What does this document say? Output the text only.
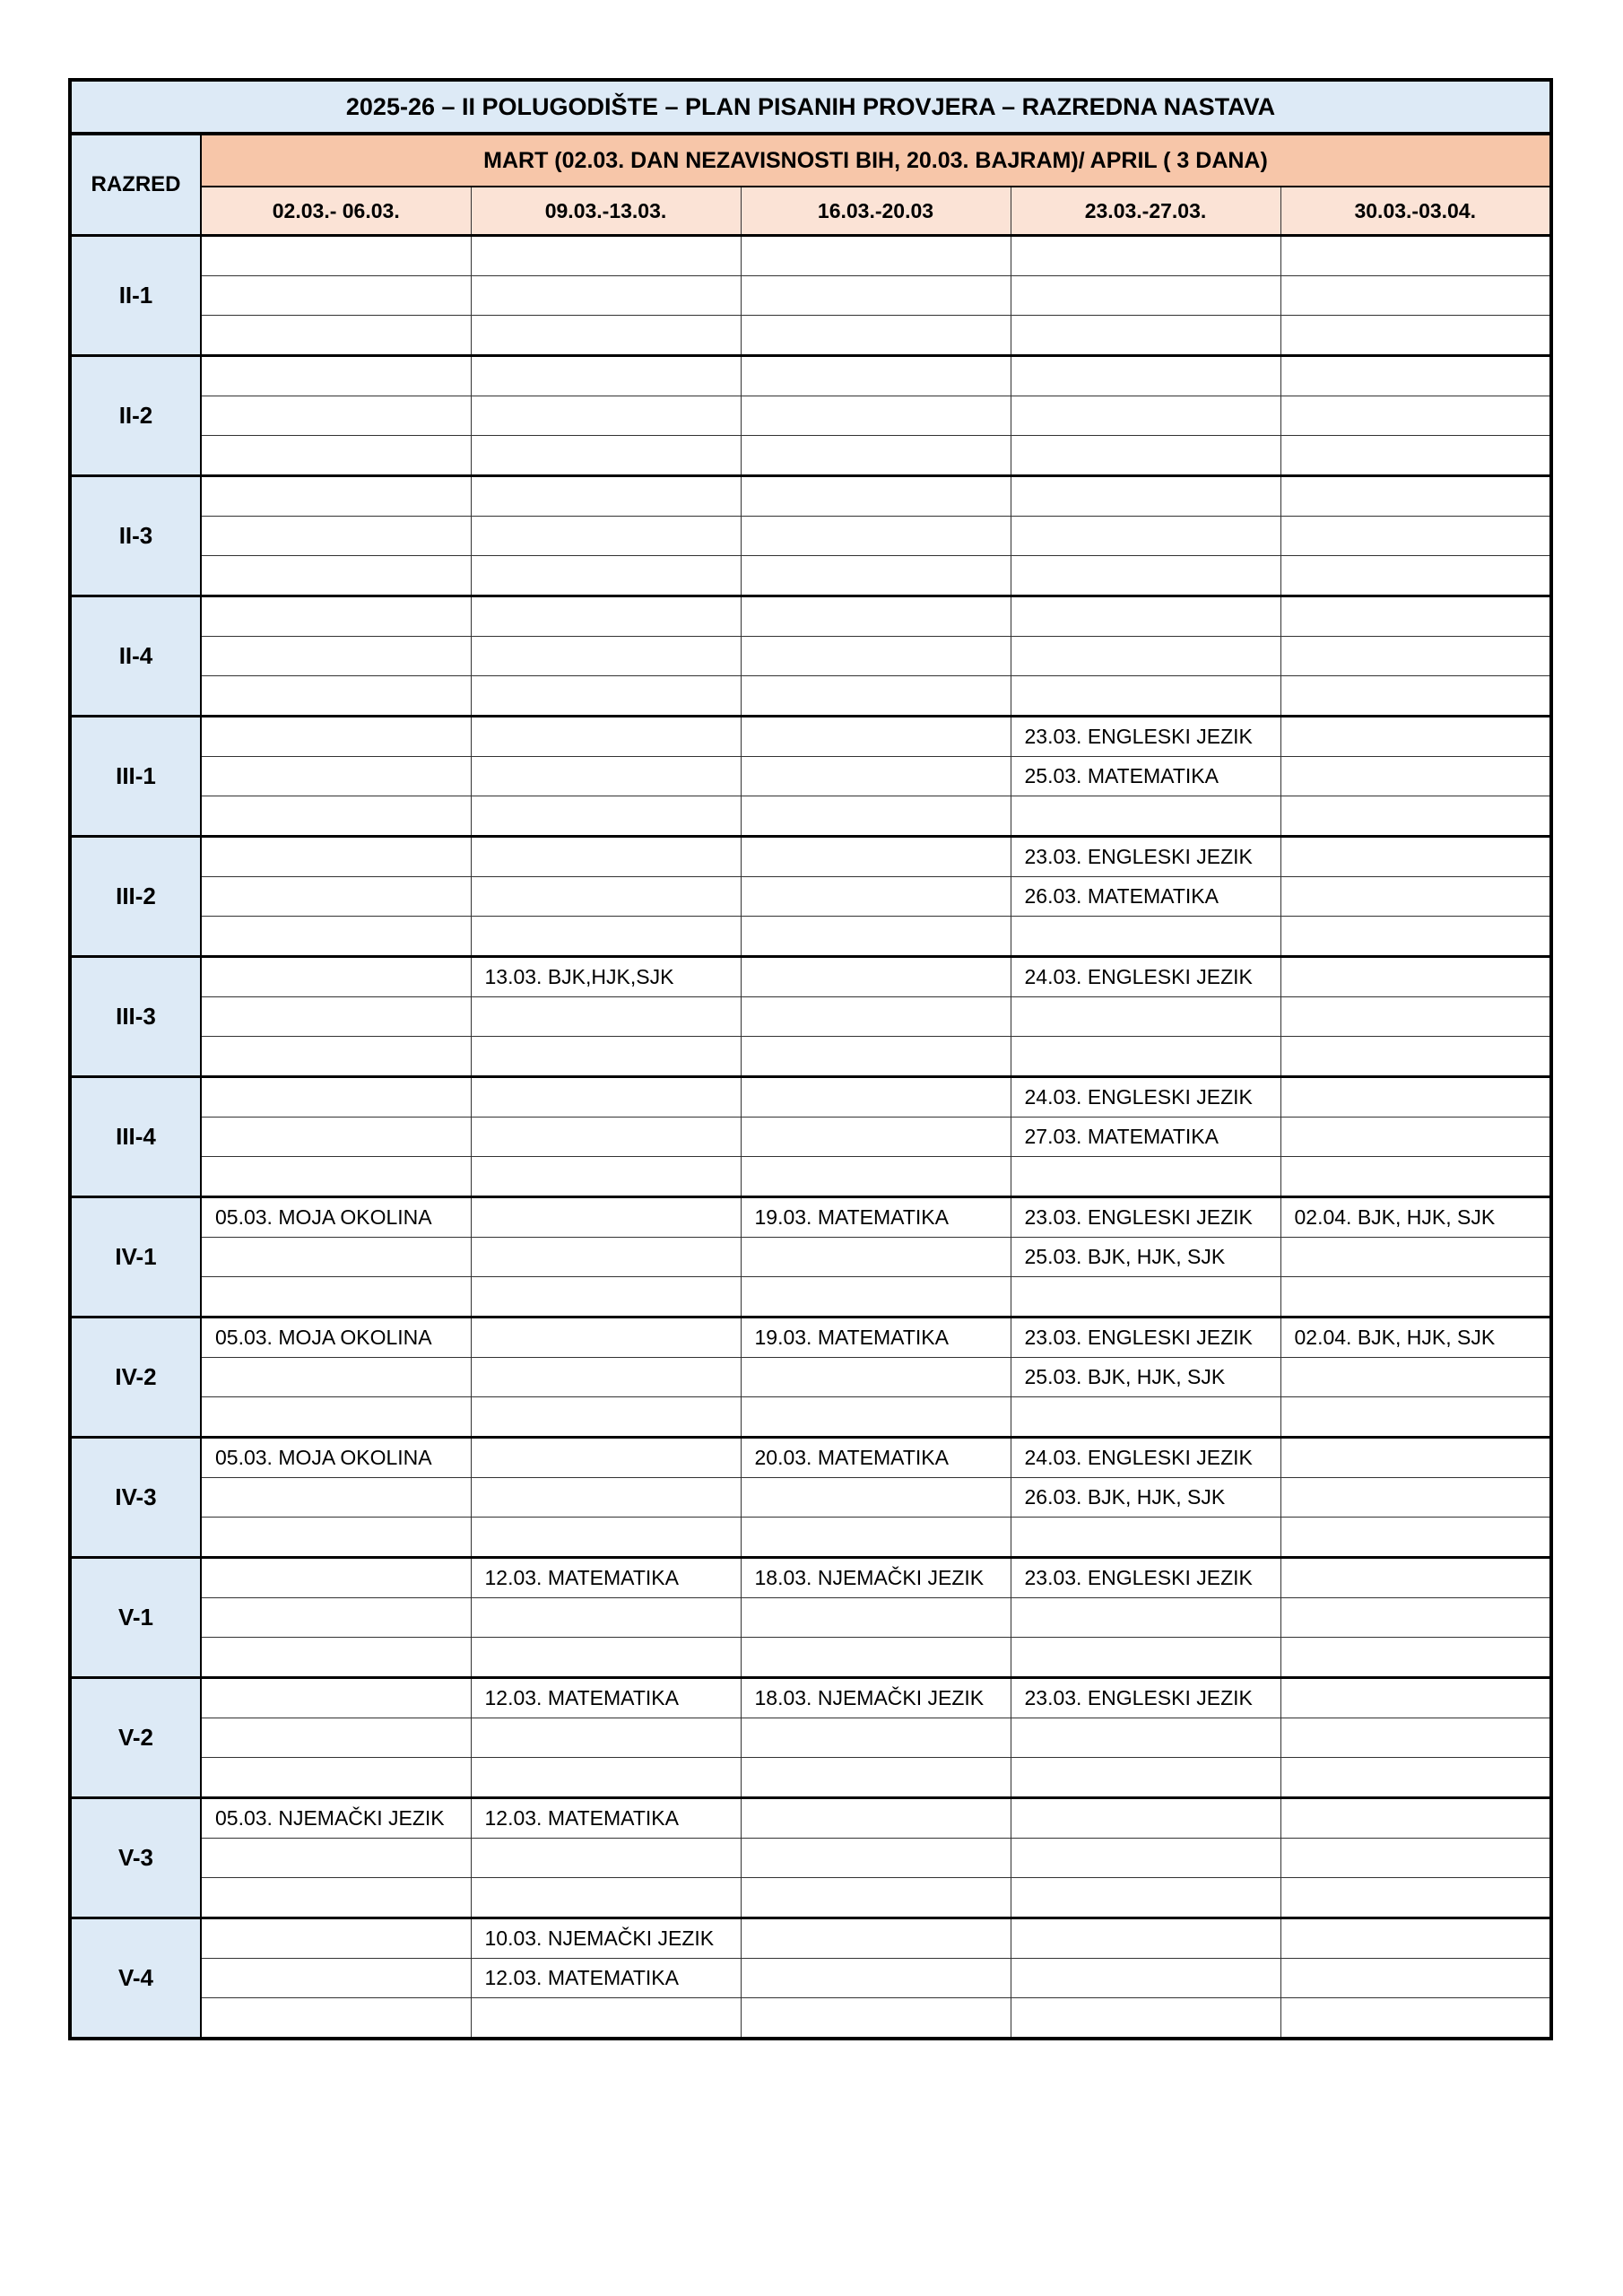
2025-26 – II POLUGODIŠTE – PLAN PISANIH PROVJERA – RAZREDNA NASTAVA					
RAZRED	MART (02.03. DAN NEZAVISNOSTI BIH, 20.03. BAJRAM)/ APRIL ( 3 DANA)				
	02.03.- 06.03.	09.03.-13.03.	16.03.-20.03	23.03.-27.03.	30.03.-03.04.
II-1					

II-2					

II-3					

II-4					

III-1				23.03. ENGLESKI JEZIK	
				25.03. MATEMATIKA	

III-2				23.03. ENGLESKI JEZIK	
				26.03. MATEMATIKA	

III-3		13.03. BJK,HJK,SJK		24.03. ENGLESKI JEZIK	

III-4				24.03. ENGLESKI JEZIK	
				27.03. MATEMATIKA	

IV-1	05.03. MOJA OKOLINA		19.03. MATEMATIKA	23.03. ENGLESKI JEZIK	02.04. BJK, HJK, SJK
				25.03. BJK, HJK, SJK	

IV-2	05.03. MOJA OKOLINA		19.03. MATEMATIKA	23.03. ENGLESKI JEZIK	02.04. BJK, HJK, SJK
				25.03. BJK, HJK, SJK	

IV-3	05.03. MOJA OKOLINA		20.03. MATEMATIKA	24.03. ENGLESKI JEZIK	
				26.03. BJK, HJK, SJK	

V-1		12.03. MATEMATIKA	18.03. NJEMAČKI JEZIK	23.03. ENGLESKI JEZIK	

V-2		12.03. MATEMATIKA	18.03. NJEMAČKI JEZIK	23.03. ENGLESKI JEZIK	

V-3	05.03. NJEMAČKI JEZIK	12.03. MATEMATIKA			

V-4		10.03. NJEMAČKI JEZIK			
		12.03. MATEMATIKA			
